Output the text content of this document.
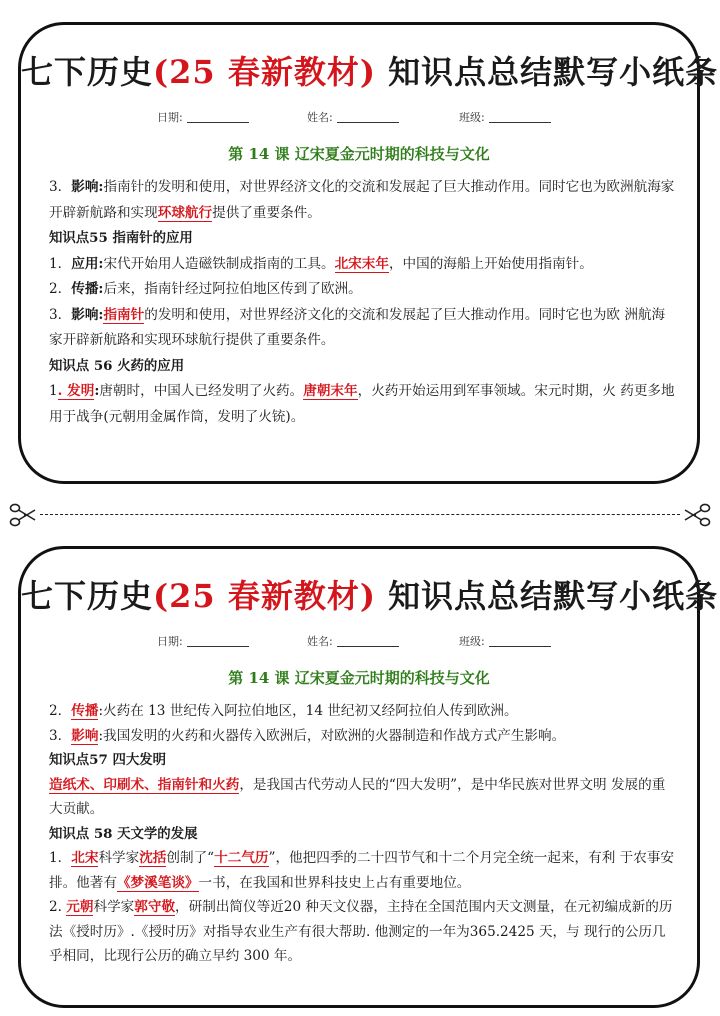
七下历史(25 春新教材) 知识点总结默写小纸条
日期:	姓名:	班级:
第 14 课 辽宋夏金元时期的科技与文化

3．影响:指南针的发明和使用，对世界经济文化的交流和发展起了巨大推动作用。同时它也为欧洲航海家开辟新航路和实现环球航行提供了重要条件。

知识点55 指南针的应用

1．应用:宋代开始用人造磁铁制成指南的工具。北宋末年，中国的海船上开始使用指南针。

2．传播:后来，指南针经过阿拉伯地区传到了欧洲。

3．影响:指南针的发明和使用，对世界经济文化的交流和发展起了巨大推动作用。同时它也为欧 洲航海家开辟新航路和实现环球航行提供了重要条件。

知识点 56 火药的应用

1. 发明:唐朝时，中国人已经发明了火药。唐朝末年，火药开始运用到军事领域。宋元时期，火 药更多地用于战争(元朝用金属作筒，发明了火铳)。

七下历史(25 春新教材) 知识点总结默写小纸条
日期:	姓名:	班级:
第 14 课 辽宋夏金元时期的科技与文化

2．传播:火药在 13 世纪传入阿拉伯地区，14 世纪初又经阿拉伯人传到欧洲。

3．影响:我国发明的火药和火器传入欧洲后，对欧洲的火器制造和作战方式产生影响。

知识点57 四大发明

造纸术、印刷术、指南针和火药，是我国古代劳动人民的“四大发明”，是中华民族对世界文明 发展的重大贡献。

知识点 58 天文学的发展

1．北宋科学家沈括创制了“十二气历”，他把四季的二十四节气和十二个月完全统一起来，有利 于农事安排。他著有《梦溪笔谈》一书，在我国和世界科技史上占有重要地位。

2. 元朝科学家郭守敬，研制出简仪等近20 种天文仪器，主持在全国范围内天文测量，在元初编成新的历法《授时历》.《授时历》对指导农业生产有很大帮助. 他测定的一年为365.2425 天，与 现行的公历几乎相同，比现行公历的确立早约 300 年。
